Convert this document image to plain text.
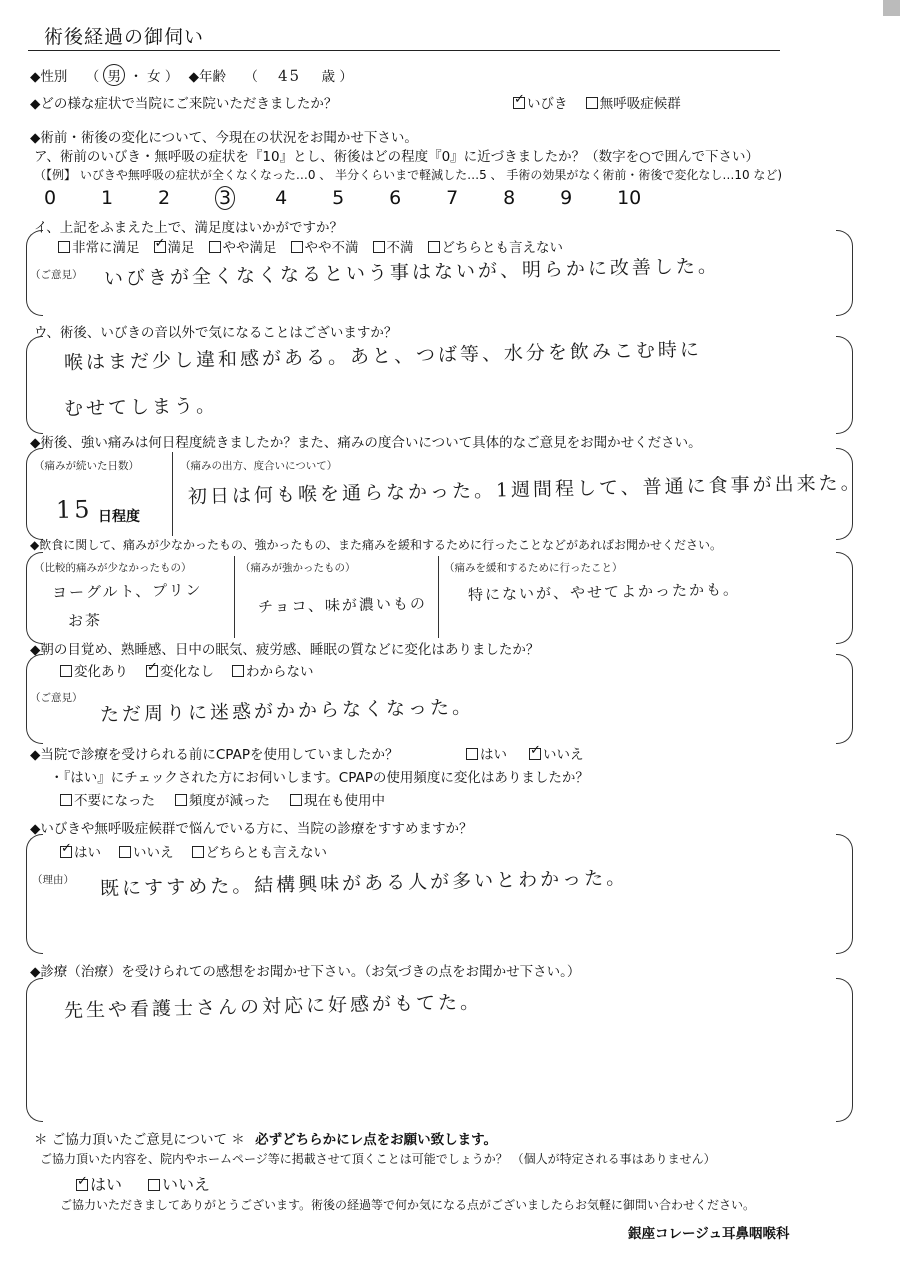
術後経過の御伺い
◆性別 （ 男 ・ 女 ） ◆年齢 （ 45 歳 ）
◆どの様な症状で当院にご来院いただきましたか？ ✓	いびき 無呼吸症候群
◆術前・術後の変化について、今現在の状況をお聞かせ下さい。
ア、術前のいびき・無呼吸の症状を『10』とし、術後はどの程度『0』に近づきましたか？（数字を○で囲んで下さい）
（【例】 いびきや無呼吸の症状が全くなくなった…0 、 半分くらいまで軽減した…5 、 手術の効果がなく術前・術後で変化なし…10 など)
0 1 2	3 4 5 6 7 8 9 10
イ、上記をふまえた上で、満足度はいかがですか？
非常に満足 ✓ 満足 やや満足 やや不満 不満 どちらとも言えない
（ご意見） いびきが全くなくなるという事はないが、明らかに改善した。
ウ、術後、いびきの音以外で気になることはございますか？
喉はまだ少し違和感がある。あと、つば等、水分を飲みこむ時に
むせてしまう。
◆術後、強い痛みは何日程度続きましたか？また、痛みの度合いについて具体的なご意見をお聞かせください。
（痛みが続いた日数）
15 日程度
（痛みの出方、度合いについて）
初日は何も喉を通らなかった。1週間程して、普通に食事が出来た。
◆飲食に関して、痛みが少なかったもの、強かったもの、また痛みを緩和するために行ったことなどがあればお聞かせください。
（比較的痛みが少なかったもの）
ヨーグルト、プリン
お茶
（痛みが強かったもの）
チョコ、味が濃いもの
（痛みを緩和するために行ったこと）
特にないが、やせてよかったかも。
◆朝の目覚め、熟睡感、日中の眠気、疲労感、睡眠の質などに変化はありましたか？
変化あり ✓ 変化なし わからない
（ご意見） ただ周りに迷惑がかからなくなった。
◆当院で診療を受けられる前にCPAPを使用していましたか？	はい ✓	いいえ
・『はい』にチェックされた方にお伺いします。CPAPの使用頻度に変化はありましたか？
不要になった	頻度が減った	現在も使用中
◆いびきや無呼吸症候群で悩んでいる方に、当院の診療をすすめますか？
✓はい いいえ どちらとも言えない
（理由） 既にすすめた。結構興味がある人が多いとわかった。
◆診療（治療）を受けられての感想をお聞かせ下さい。（お気づきの点をお聞かせ下さい。）
先生や看護士さんの対応に好感がもてた。
＊ ご協力頂いたご意見について ＊ 必ずどちらかにレ点をお願い致します。
ご協力頂いた内容を、院内やホームページ等に掲載させて頂くことは可能でしょうか？ （個人が特定される事はありません）
✓はい	いいえ
ご協力いただきましてありがとうございます。術後の経過等で何か気になる点がございましたらお気軽に御問い合わせください。
銀座コレージュ耳鼻咽喉科
